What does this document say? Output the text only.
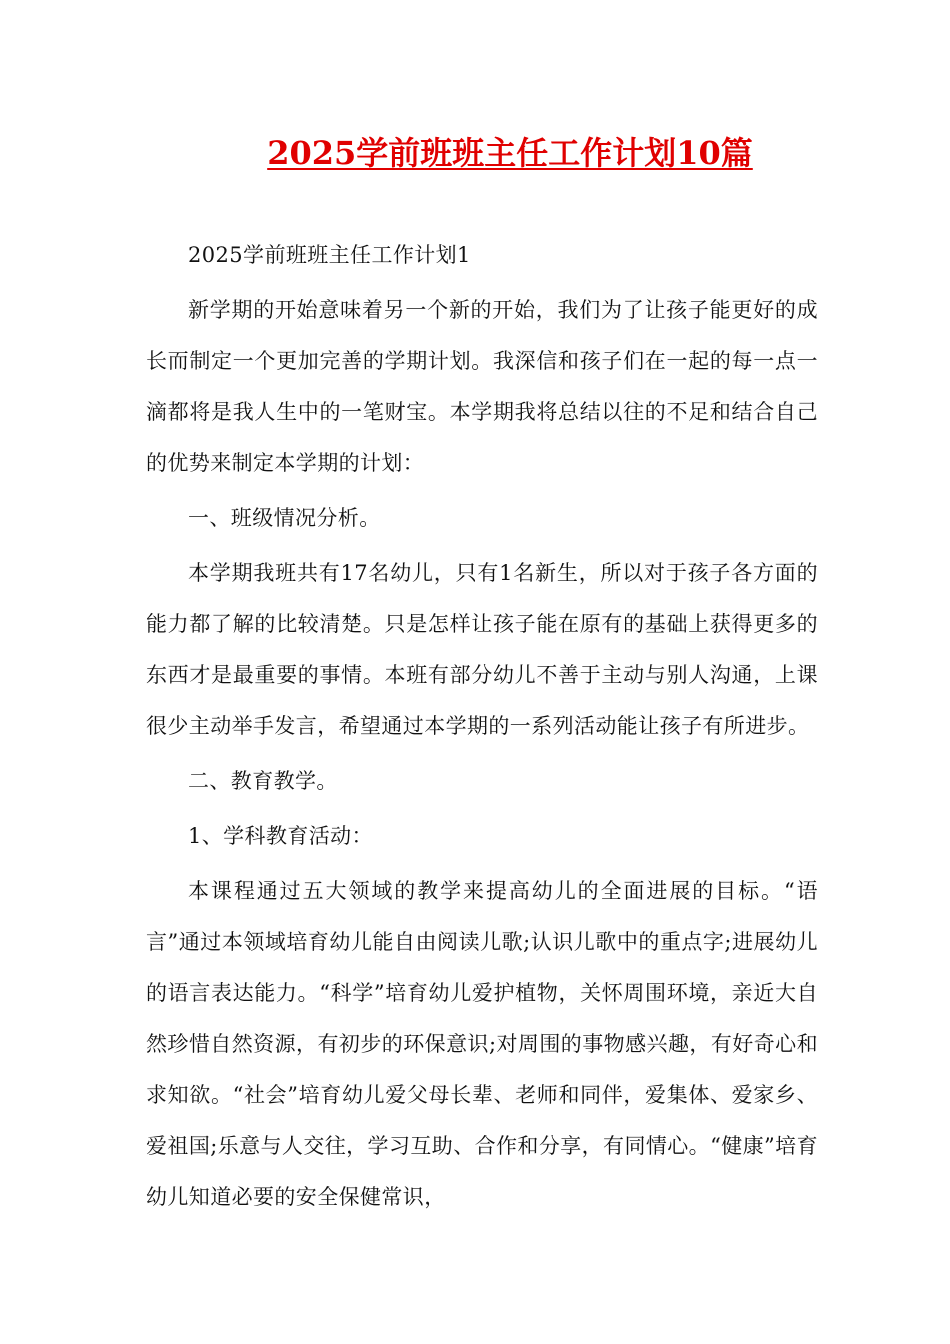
2025学前班班主任工作计划10篇

2025学前班班主任工作计划1

新学期的开始意味着另一个新的开始，我们为了让孩子能更好的成长而制定一个更加完善的学期计划。我深信和孩子们在一起的每一点一滴都将是我人生中的一笔财宝。本学期我将总结以往的不足和结合自己的优势来制定本学期的计划：

一、班级情况分析。

本学期我班共有17名幼儿，只有1名新生，所以对于孩子各方面的能力都了解的比较清楚。只是怎样让孩子能在原有的基础上获得更多的东西才是最重要的事情。本班有部分幼儿不善于主动与别人沟通，上课很少主动举手发言，希望通过本学期的一系列活动能让孩子有所进步。

二、教育教学。

1、学科教育活动：

本课程通过五大领域的教学来提高幼儿的全面进展的目标。“语言”通过本领域培育幼儿能自由阅读儿歌;认识儿歌中的重点字;进展幼儿的语言表达能力。“科学”培育幼儿爱护植物，关怀周围环境，亲近大自然珍惜自然资源，有初步的环保意识;对周围的事物感兴趣，有好奇心和求知欲。“社会”培育幼儿爱父母长辈、老师和同伴，爱集体、爱家乡、爱祖国;乐意与人交往，学习互助、合作和分享，有同情心。“健康”培育幼儿知道必要的安全保健常识，
